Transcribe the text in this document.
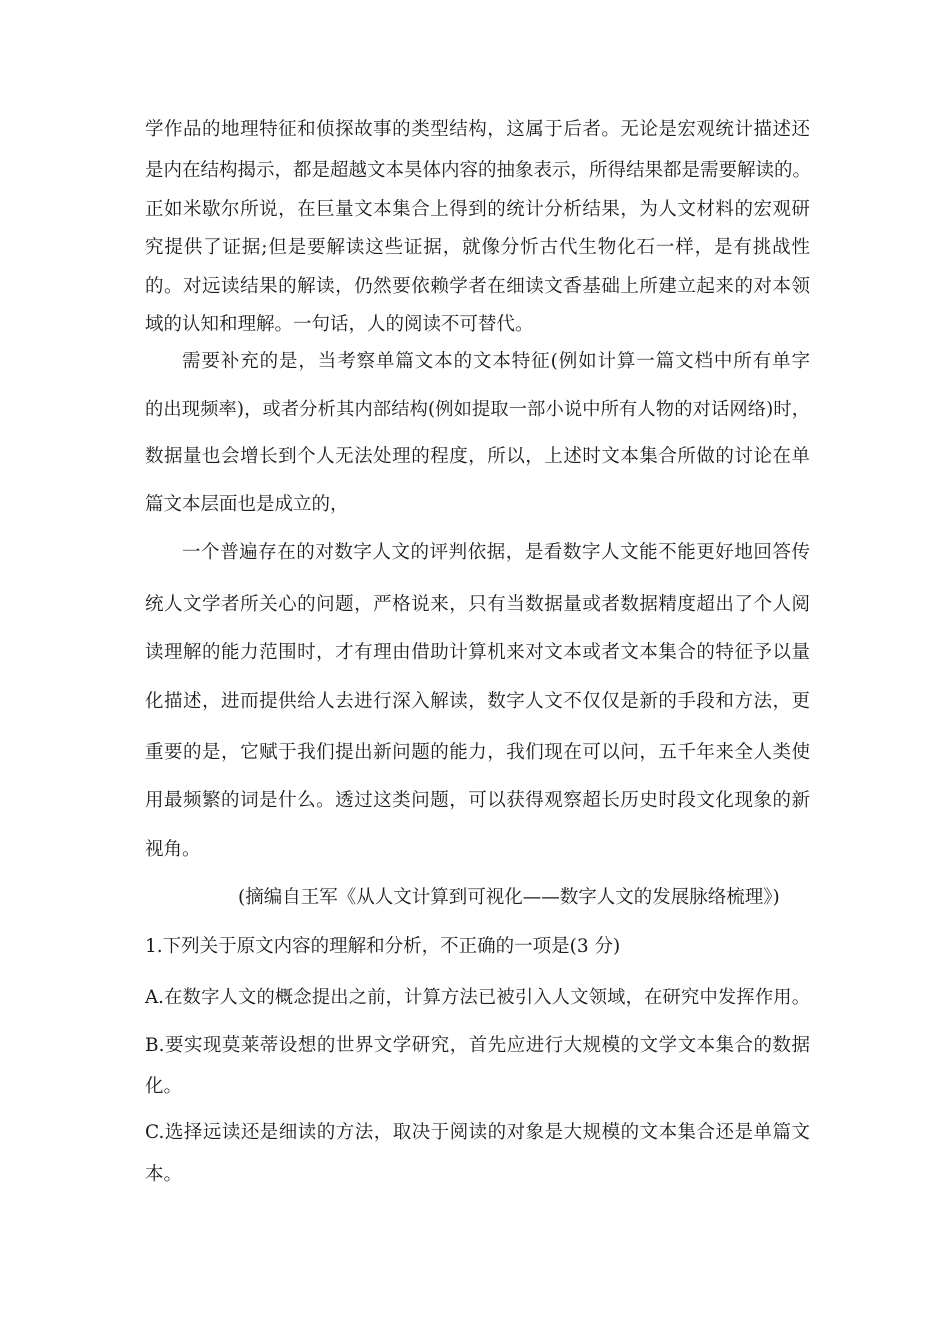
学作品的地理特征和侦探故事的类型结构，这属于后者。无论是宏观统计描述还
是内在结构揭示，都是超越文本昊体内容的抽象表示，所得结果都是需要解读的。
正如米歇尔所说，在巨量文本集合上得到的统计分析结果，为人文材料的宏观研
究提供了证据;但是要解读这些证据，就像分忻古代生物化石一样，是有挑战性
的。对远读结果的解读，仍然要依赖学者在细读文香基础上所建立起来的对本领
域的认知和理解。一句话，人的阅读不可替代。
需要补充的是，当考察单篇文本的文本特征(例如计算一篇文档中所有单字
的出现频率)，或者分析其内部结构(例如提取一部小说中所有人物的对话网络)时，
数据量也会增长到个人无法处理的程度，所以，上述时文本集合所做的讨论在单
篇文本层面也是成立的，
一个普遍存在的对数字人文的评判依据，是看数字人文能不能更好地回答传
统人文学者所关心的问题，严格说来，只有当数据量或者数据精度超出了个人阅
读理解的能力范围时，才有理由借助计算机来对文本或者文本集合的特征予以量
化描述，进而提供给人去进行深入解读，数字人文不仅仅是新的手段和方法，更
重要的是，它赋于我们提出新问题的能力，我们现在可以问，五千年来全人类使
用最频繁的词是什么。透过这类问题，可以获得观察超长历史时段文化现象的新
视角。
(摘编自王军《从人文计算到可视化——数字人文的发展脉络梳理》)
1.下列关于原文内容的理解和分析，不正确的一项是(3 分)
A.在数字人文的概念提出之前，计算方法已被引入人文领域，在研究中发挥作用。
B.要实现莫莱蒂设想的世界文学研究，首先应进行大规模的文学文本集合的数据
化。
C.选择远读还是细读的方法，取决于阅读的对象是大规模的文本集合还是单篇文
本。
